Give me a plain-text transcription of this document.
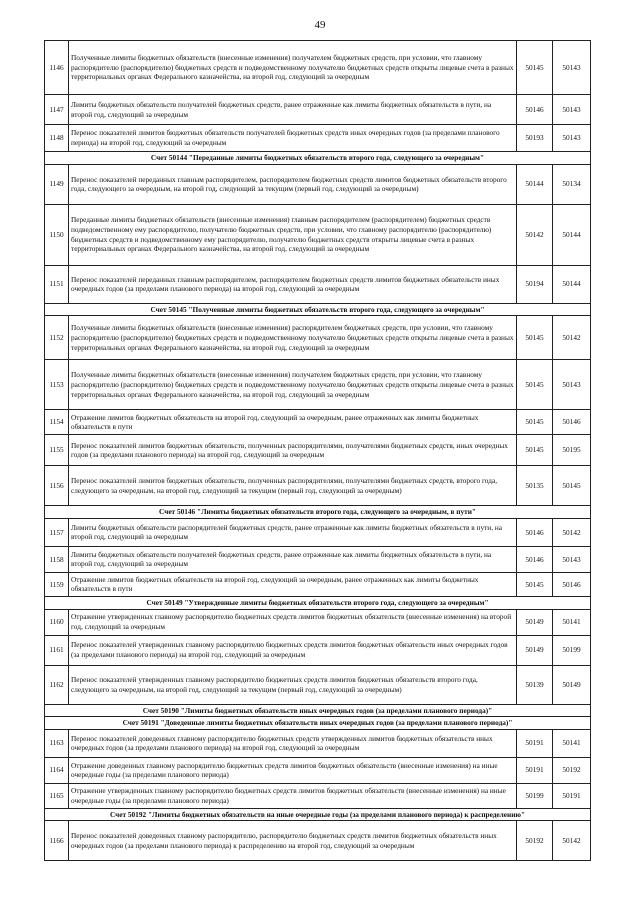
49
1146	Полученные лимиты бюджетных обязательств (внесенные изменения) получателем бюджетных средств, при условии, что главному распорядителю (распорядителю) бюджетных средств и подведомственному получателю бюджетных средств открыты лицевые счета в разных территориальных органах Федерального казначейства, на второй год, следующий за очередным	50145	50143
1147	Лимиты бюджетных обязательств получателей бюджетных средств, ранее отраженные как лимиты бюджетных обязательств в пути, на второй год, следующий за очередным	50146	50143
1148	Перенос показателей лимитов бюджетных обязательств получателей бюджетных средств иных очередных годов (за пределами планового периода) на второй год, следующий за очередным	50193	50143
Счет 50144 "Переданные лимиты бюджетных обязательств второго года, следующего за очередным"			
1149	Перенос показателей переданных главным распорядителем, распорядителем бюджетных средств лимитов бюджетных обязательств второго года, следующего за очередным, на второй год, следующий за текущим (первый год, следующий за очередным)	50144	50134
1150	Переданные лимиты бюджетных обязательств (внесенные изменения) главным распорядителем (распорядителем) бюджетных средств подведомственному ему распорядителю, получателю бюджетных средств, при условии, что главному распорядителю (распорядителю) бюджетных средств и подведомственному ему распорядителю, получателю бюджетных средств открыты лицевые счета в разных территориальных органах Федерального казначейства, на второй год, следующий за очередным	50142	50144
1151	Перенос показателей переданных главным распорядителем, распорядителем бюджетных средств лимитов бюджетных обязательств иных очередных годов (за пределами планового периода) на второй год, следующий за очередным	50194	50144
Счет 50145 "Полученные лимиты бюджетных обязательств второго года, следующего за очередным"			
1152	Полученные лимиты бюджетных обязательств (внесенные изменения) распорядителем бюджетных средств, при условии, что главному распорядителю (распорядителю) бюджетных средств и подведомственному получателю бюджетных средств открыты лицевые счета в разных территориальных органах Федерального казначейства, на второй год, следующий за очередным	50145	50142
1153	Полученные лимиты бюджетных обязательств (внесенные изменения) получателем бюджетных средств, при условии, что главному распорядителю (распорядителю) бюджетных средств и подведомственному получателю бюджетных средств открыты лицевые счета в разных территориальных органах Федерального казначейства, на второй год, следующий за очередным	50145	50143
1154	Отражение лимитов бюджетных обязательств на второй год, следующий за очередным, ранее отраженных как лимиты бюджетных обязательств в пути	50145	50146
1155	Перенос показателей лимитов бюджетных обязательств, полученных распорядителями, получателями бюджетных средств, иных очередных годов (за пределами планового периода) на второй год, следующий за очередным	50145	50195
1156	Перенос показателей лимитов бюджетных обязательств, полученных распорядителями, получателями бюджетных средств, второго года, следующего за очередным, на второй год, следующий за текущим (первый год, следующий за очередным)	50135	50145
Счет 50146 "Лимиты бюджетных обязательств второго года, следующего за очередным, в пути"			
1157	Лимиты бюджетных обязательств распорядителей бюджетных средств, ранее отраженные как лимиты бюджетных обязательств в пути, на второй год, следующий за очередным	50146	50142
1158	Лимиты бюджетных обязательств получателей бюджетных средств, ранее отраженные как лимиты бюджетных обязательств в пути, на второй год, следующий за очередным	50146	50143
1159	Отражение лимитов бюджетных обязательств на второй год, следующий за очередным, ранее отраженных как лимиты бюджетных обязательств в пути	50145	50146
Счет 50149 "Утвержденные лимиты бюджетных обязательств второго года, следующего за очередным"			
1160	Отражение утвержденных главному распорядителю бюджетных средств лимитов бюджетных обязательств (внесенные изменения) на второй год, следующий за очередным	50149	50141
1161	Перенос показателей утвержденных главному распорядителю бюджетных средств лимитов бюджетных обязательств иных очередных годов (за пределами планового периода) на второй год, следующий за очередным	50149	50199
1162	Перенос показателей утвержденных главному распорядителю бюджетных средств лимитов бюджетных обязательств второго года, следующего за очередным, на второй год, следующий за текущим (первый год, следующий за очередным)	50139	50149
Счет 50190 "Лимиты бюджетных обязательств иных очередных годов (за пределами планового периода)"			
Счет 50191 "Доведенные лимиты бюджетных обязательств иных очередных годов (за пределами планового периода)"			
1163	Перенос показателей доведенных главному распорядителю бюджетных средств утвержденных лимитов бюджетных обязательств иных очередных годов (за пределами планового периода) на второй год, следующий за очередным	50191	50141
1164	Отражение доведенных главному распорядителю бюджетных средств лимитов бюджетных обязательств (внесенные изменения) на иные очередные годы (за пределами планового периода)	50191	50192
1165	Отражение утвержденных главному распорядителю бюджетных средств лимитов бюджетных обязательств (внесенные изменения) на иные очередные годы (за пределами планового периода)	50199	50191
Счет 50192 "Лимиты бюджетных обязательств на иные очередные годы (за пределами планового периода) к распределению"			
1166	Перенос показателей доведенных главному распорядителю, распорядителю бюджетных средств лимитов бюджетных обязательств иных очередных годов (за пределами планового периода) к распределению на второй год, следующий за очередным	50192	50142
